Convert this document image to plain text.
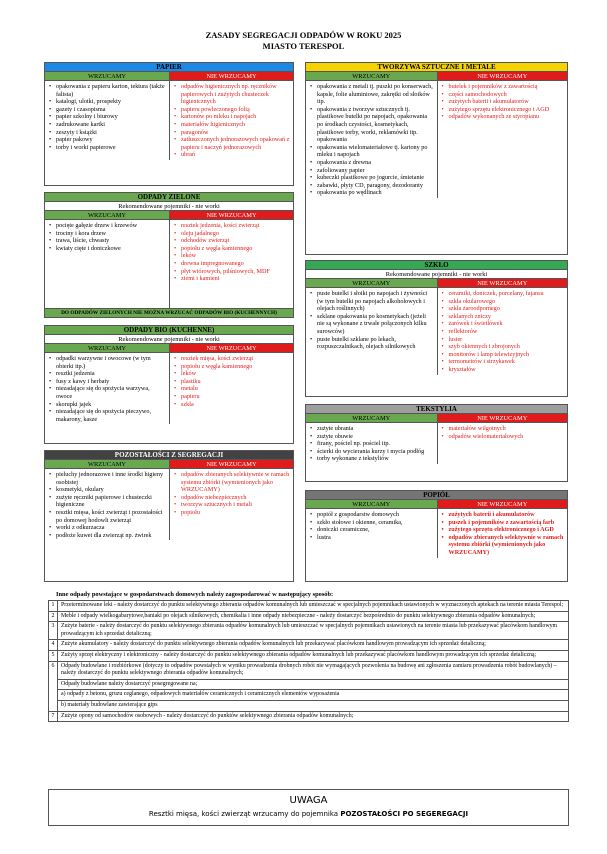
ZASADY SEGREGACJI ODPADÓW W ROKU 2025
MIASTO TERESPOL
PAPIER
WRZUCAMY
• opakowania z papieru karton, tektura (także falista)
• katalogi, ulotki, prospekty
• gazety i czasopisma
• papier szkolny i biurowy
• zadrukowane kartki
• zeszyty i książki
• papier pakowy
• torby i worki papierowe
NIE WRZUCAMY
• odpadów higienicznych np. ręczników papierowych i zużytych chusteczek higienicznych
• papieru powleczonego folią
• kartonów po mleku i napojach
• materiałów higienicznych
• paragonów
• zatłuszczonych jednorazowych opakowań z papieru i naczyń jednorazowych
• ubrań
ODPADY ZIELONE
Rekomendowane pojemniki - nie worki
WRZUCAMY
• pocięte gałęzie drzew i krzewów
• trociny i kora drzew
• trawa, liście, chwasty
• kwiaty cięte i doniczkowe
NIE WRZUCAMY
• resztek jedzenia, kości zwierząt
• oleju jadalnego
• odchodów zwierząt
• popiołu z węgla kamiennego
• leków
• drewna impregnowanego
• płyt wiórowych, pilśniowych, MDF
• ziemi i kamieni
DO ODPADÓW ZIELONYCH NIE MOŻNA WRZUCAĆ ODPADÓW BIO (KUCHENNYCH)
ODPADY BIO (KUCHENNE)
Rekomendowane pojemniki - nie worki
WRZUCAMY
• odpadki warzywne i owocowe (w tym obierki itp.)
• resztki jedzenia
• fusy z kawy i herbaty
• niezadające się do spożycia warzywa, owoce
• skorupki jajek
• niezadające się do spożycia pieczywo, makarony, kasze
NIE WRZUCAMY
• resztek mięsa, kości zwierząt
• popiołu z węgla kamiennego
• leków
• plastiku
• metalu
• papieru
• szkła
POZOSTAŁOŚCI Z SEGREGACJI
WRZUCAMY
• pieluchy jednorazowe i inne środki higieny osobistej
• kosmetyki, okulary
• zużyte ręczniki papierowe i chusteczki higieniczne
• resztki mięsa, kości zwierząt i pozostałości po domowej hodowli zwierząt
• worki z odkurzacza
• podłoże kuwet dla zwierząt np. żwirek
NIE WRZUCAMY
• odpadów zbieranych selektywnie w ramach systemu zbiórki (wymienionych jako WRZUCAMY)
• odpadów niebezpiecznych
• tworzyw sztucznych i metali
• popiołu
TWORZYWA SZTUCZNE I METALE
WRZUCAMY
• opakowania z metali tj. puszki po konserwach, kapsle, folie aluminiowe, zakrętki od słoików itp.
• opakowania z tworzyw sztucznych tj. plastikowe butelki po napojach, opakowania po środkach czystości, kosmetykach, plastikowe torby, worki, reklamówki itp. opakowania
• opakowania wielomateriałowe tj. kartony po mleku i napojach
• opakowania z drewna
• zafoliowany papier
• kubeczki plastikowe po jogurcie, śmietanie
• zabawki, płyty CD, paragony, dezodoranty
• opakowania po wędlinach
NIE WRZUCAMY
• butelek i pojemników z zawartością
• części samochodowych
• zużytych baterii i akumulatorów
• zużytego sprzętu elektronicznego i AGD
• odpadów wykonanych ze styropianu
SZKŁO
Rekomendowane pojemniki - nie worki
WRZUCAMY
• puste butelki i słoiki po napojach i żywności (w tym butelki po napojach alkoholowych i olejach roślinnych)
• szklane opakowania po kosmetykach (jeżeli nie są wykonane z trwale połączonych kilku surowców)
• puste butelki szklane po lekach, rozpuszczalnikach, olejach silnikowych
NIE WRZUCAMY
• ceramiki, doniczek, porcelany, fajansu
• szkła okularowego
• szkła żaroodpornego
• szklanych zniczy
• żarówek i świetlówek
• reflektorów
• luster
• szyb okiennych i zbrojonych
• monitorów i lamp telewizyjnych
• termometrów i strzykawek
• kryształów
TEKSTYLIA
WRZUCAMY
• zużyte ubrania
• zużyte obuwie
• firany, pościel np. pościel itp.
• ścierki do wycierania kurzy i mycia podłóg
• torby wykonane z tekstyliów
NIE WRZUCAMY
• materiałów wilgotnych
• odpadów wielomateriałowych
POPIÓŁ
WRZUCAMY
• popiół z gospodarstw domowych
• szkło stołowe i okienne, ceramika,
• doniczki ceramiczne,
• lustra
NIE WRZUCAMY
• zużytych baterii i akumulatorów
• puszek i pojemników z zawartością farb
• zużytego sprzętu elektronicznego i AGD
• odpadów zbieranych selektywnie w ramach systemu zbiórki (wymienionych jako WRZUCAMY)
Inne odpady powstające w gospodarstwach domowych należy zagospodarować w następujący sposób:
1	Przeterminowane leki - należy dostarczyć do punktu selektywnego zbierania odpadów komunalnych lub umieszczać w specjalnych pojemnikach ustawionych w wyznaczonych aptekach na terenie miasta Terespol;
2	Meble i odpady wielkogabarytowe,baniaki po olejach silnikowych, chemikalia i inne odpady niebezpieczne - należy dostarczyć bezpośrednio do punktu selektywnego zbierania odpadów komunalnych;
3	Zużyte baterie - należy dostarczyć do punktu selektywnego zbierania odpadów komunalnych lub umieszczać w specjalnych pojemnikach ustawionych na terenie miasta lub przekazywać placówkom handlowym prowadzącym ich sprzedaż detaliczną;
4	Zużyte akumulatory - należy dostarczyć do punktu selektywnego zbierania odpadów komunalnych lub przekazywać placówkom handlowym prowadzącym ich sprzedaż detaliczną;
5	Zużyty sprzęt elektryczny i elektroniczny - należy dostarczyć do punktu selektywnego zbierania odpadów komunalnych lub przekazywać placówkom handlowym prowadzącym ich sprzedaż detaliczną;
6	Odpady budowlane i rozbiórkowe (dotyczy to odpadów powstałych w wyniku prowadzenia drobnych robót nie wymagających pozwolenia na budowę ani zgłoszenia zamiaru prowadzenia robót budowlanych) – należy dostarczyć do punktu selektywnego zbierania odpadów komunalnych;
	Odpady budowlane należy dostarczyć posegregowane na;
	a) odpady z betonu, gruzu ceglanego, odpadowych materiałów ceramicznych i ceramicznych elementów wyposażenia
	b) materiały budowlane zawierające gips
7	Zużyte opony od samochodów osobowych - należy dostarczyć do punktów selektywnego zbierania odpadów komunalnych;
UWAGA
Resztki mięsa, kości zwierząt wrzucamy do pojemnika POZOSTAŁOŚCI PO SEGEREGACJI
